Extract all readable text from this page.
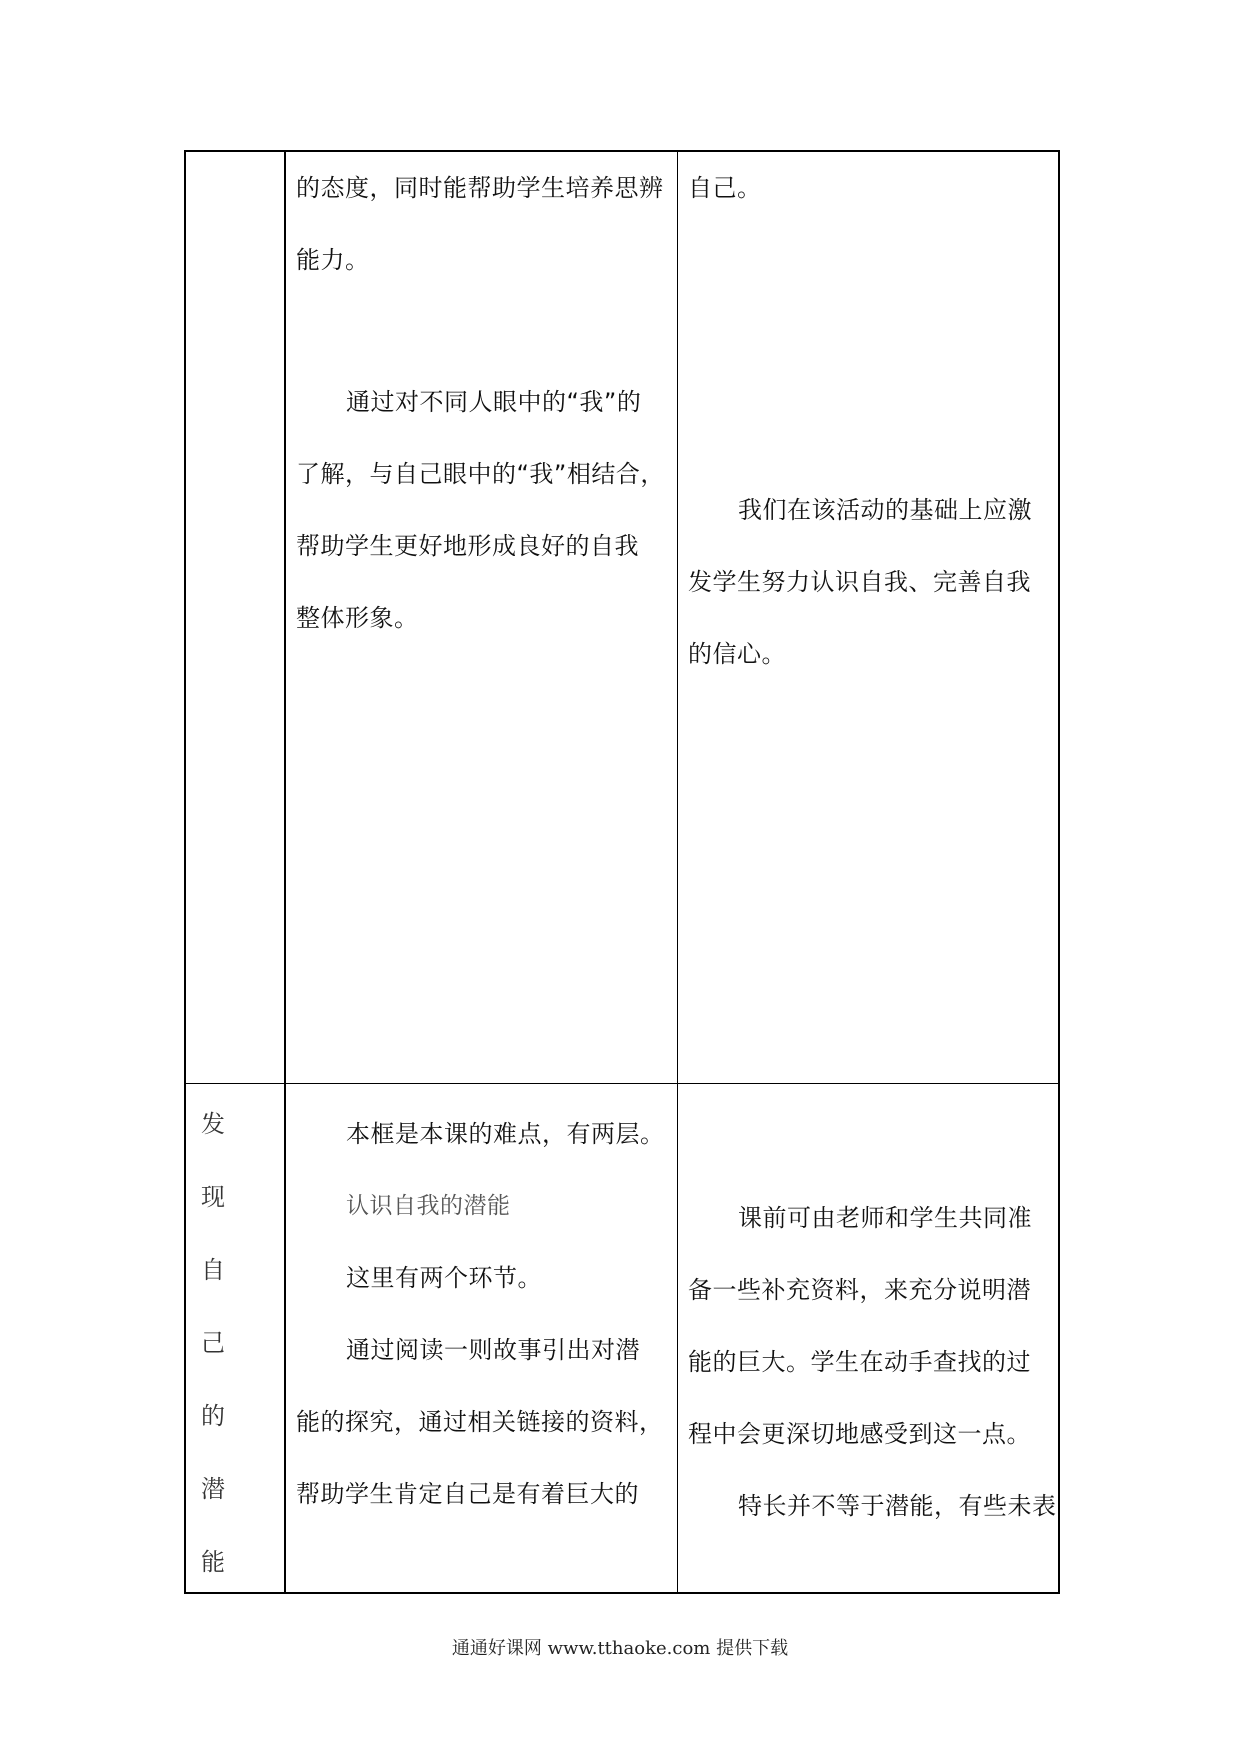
的态度，同时能帮助学生培养思辨
能力。
通过对不同人眼中的“我”的
了解，与自己眼中的“我”相结合，
帮助学生更好地形成良好的自我
整体形象。
自己。
我们在该活动的基础上应激
发学生努力认识自我、完善自我
的信心。
发
现
自
己
的
潜
能
本框是本课的难点，有两层。
认识自我的潜能
这里有两个环节。
通过阅读一则故事引出对潜
能的探究，通过相关链接的资料，
帮助学生肯定自己是有着巨大的
课前可由老师和学生共同准
备一些补充资料，来充分说明潜
能的巨大。学生在动手查找的过
程中会更深切地感受到这一点。
特长并不等于潜能，有些未表
通通好课网 www.tthaoke.com 提供下载
